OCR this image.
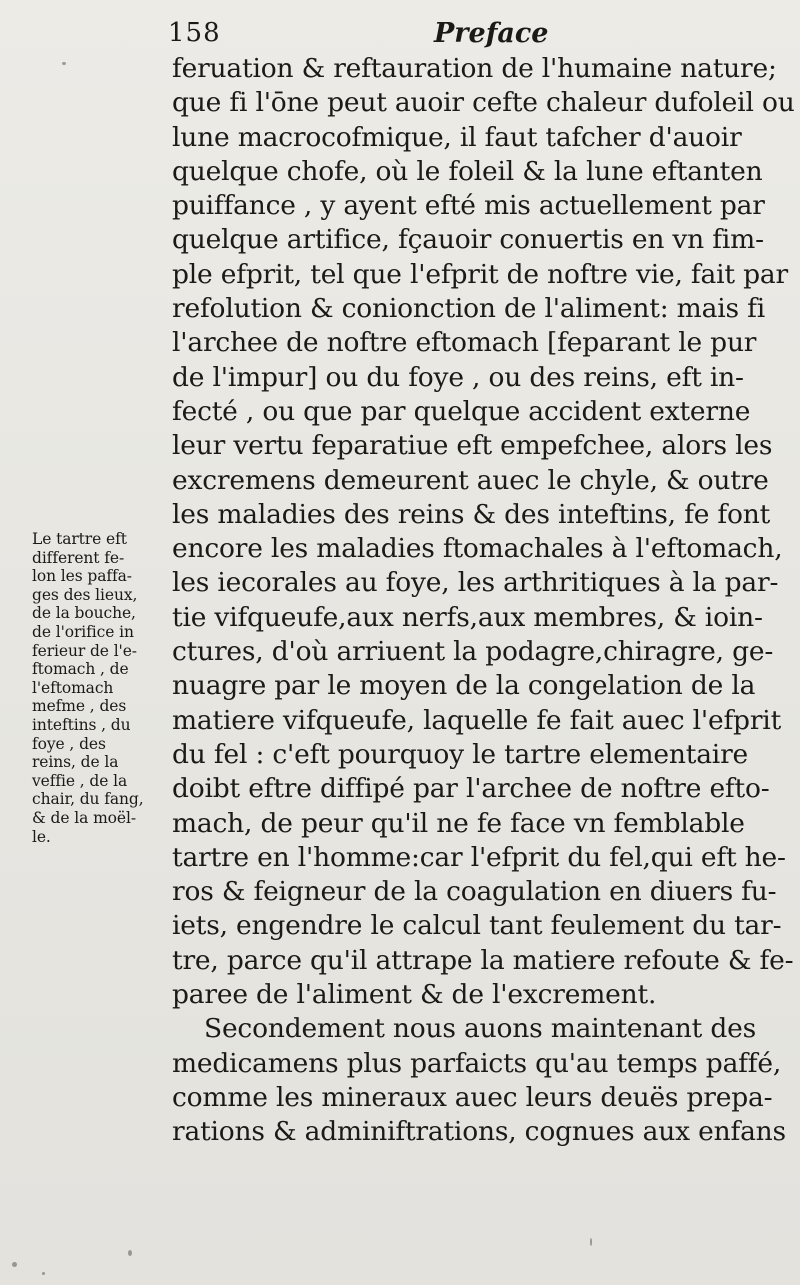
158	Preface
feruation & reftauration de l'humaine nature;
que fi l'ōne peut auoir cefte chaleur dufoleil ou
lune macrocofmique, il faut tafcher d'auoir
quelque chofe, où le foleil & la lune eftanten
puiffance , y ayent efté mis actuellement par
quelque artifice, fçauoir conuertis en vn fim-
ple efprit, tel que l'efprit de noftre vie, fait par
refolution & conionction de l'aliment: mais fi
l'archee de noftre eftomach [feparant le pur
de l'impur] ou du foye , ou des reins, eft in-
fecté , ou que par quelque accident externe
leur vertu feparatiue eft empefchee, alors les
excremens demeurent auec le chyle, & outre
les maladies des reins & des inteftins, fe font
encore les maladies ftomachales à l'eftomach,
les iecorales au foye, les arthritiques à la par-
tie vifqueufe,aux nerfs,aux membres, & ioin-
ctures, d'où arriuent la podagre,chiragre, ge-
nuagre par le moyen de la congelation de la
matiere vifqueufe, laquelle fe fait auec l'efprit
du fel : c'eft pourquoy le tartre elementaire
doibt eftre diffipé par l'archee de noftre efto-
mach, de peur qu'il ne fe face vn femblable
tartre en l'homme:car l'efprit du fel,qui eft he-
ros & feigneur de la coagulation en diuers fu-
iets, engendre le calcul tant feulement du tar-
tre, parce qu'il attrape la matiere refoute & fe-
paree de l'aliment & de l'excrement.
Secondement nous auons maintenant des
medicamens plus parfaicts qu'au temps paffé,
comme les mineraux auec leurs deuës prepa-
rations & adminiftrations, cognues aux enfans
Le tartre eft
different fe-
lon les paffa-
ges des lieux,
de la bouche,
de l'orifice in
ferieur de l'e-
ftomach , de
l'eftomach
mefme , des
inteftins , du
foye , des
reins, de la
veffie , de la
chair, du fang,
& de la moël-
le.
